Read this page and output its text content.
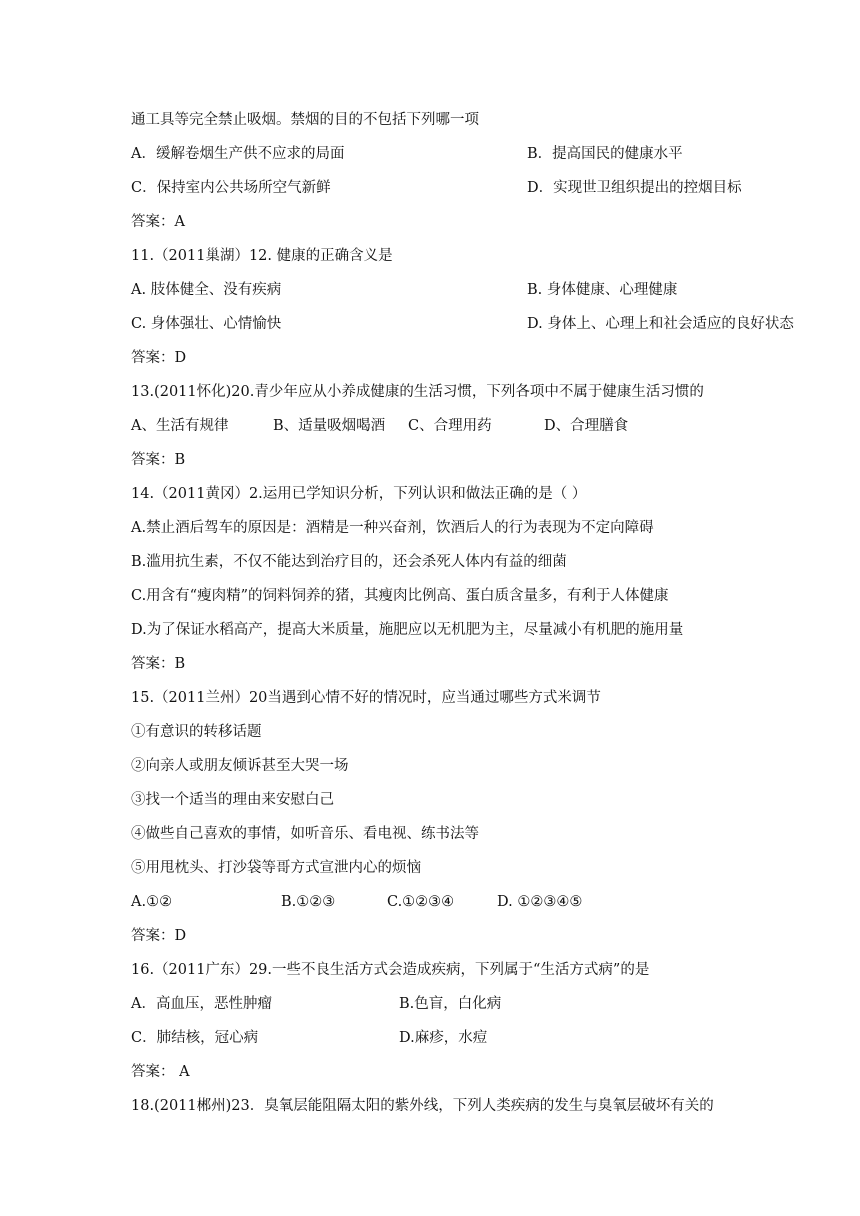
通工具等完全禁止吸烟。禁烟的目的不包括下列哪一项
A．缓解卷烟生产供不应求的局面	B．提高国民的健康水平
C．保持室内公共场所空气新鲜	D．实现世卫组织提出的控烟目标
答案：A
11.（2011巢湖）12. 健康的正确含义是
A. 肢体健全、没有疾病	B. 身体健康、心理健康
C. 身体强壮、心情愉快	D. 身体上、心理上和社会适应的良好状态
答案：D
13.(2011怀化)20.青少年应从小养成健康的生活习惯，下列各项中不属于健康生活习惯的
A、生活有规律	B、适量吸烟喝酒 C、合理用药	D、合理膳食
答案：B
14.（2011黄冈）2.运用已学知识分析，下列认识和做法正确的是（ ）
A.禁止酒后驾车的原因是：酒精是一种兴奋剂，饮酒后人的行为表现为不定向障碍
B.滥用抗生素，不仅不能达到治疗目的，还会杀死人体内有益的细菌
C.用含有“瘦肉精”的饲料饲养的猪，其瘦肉比例高、蛋白质含量多，有利于人体健康
D.为了保证水稻高产，提高大米质量，施肥应以无机肥为主，尽量减小有机肥的施用量
答案：B
15.（2011兰州）20当遇到心情不好的情况时，应当通过哪些方式米调节
①有意识的转移话题
②向亲人或朋友倾诉甚至大哭一场
③找一个适当的理由来安慰白己
④做些自己喜欢的事情，如听音乐、看电视、练书法等
⑤用甩枕头、打沙袋等哥方式宣泄内心的烦恼
A.①②	B.①②③	C.①②③④	D. ①②③④⑤
答案：D
16.（2011广东）29.一些不良生活方式会造成疾病，下列属于“生活方式病”的是
A．高血压，恶性肿瘤	B.色盲，白化病
C．肺结核，冠心病	D.麻疹，水痘
答案： A
18.(2011郴州)23．臭氧层能阻隔太阳的紫外线，下列人类疾病的发生与臭氧层破坏有关的
